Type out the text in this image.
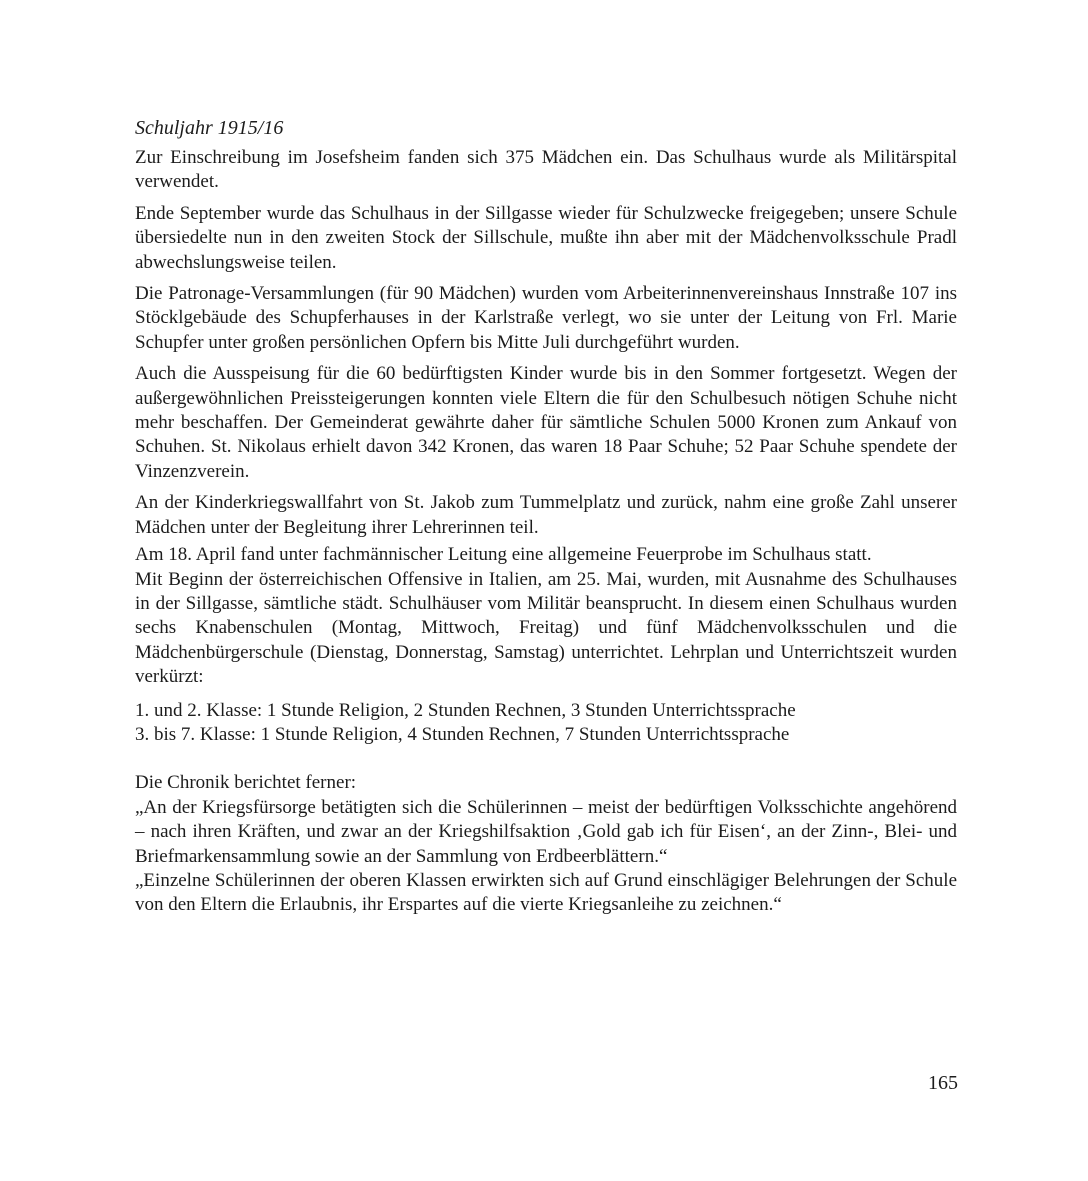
Schuljahr 1915/16

Zur Einschreibung im Josefsheim fanden sich 375 Mädchen ein. Das Schulhaus wurde als Militärspital verwendet.

Ende September wurde das Schulhaus in der Sillgasse wieder für Schulzwecke freigegeben; unsere Schule übersiedelte nun in den zweiten Stock der Sillschule, mußte ihn aber mit der Mädchenvolksschule Pradl abwechslungsweise teilen.

Die Patronage-Versammlungen (für 90 Mädchen) wurden vom Arbeiterinnenvereinshaus Innstraße 107 ins Stöcklgebäude des Schupferhauses in der Karlstraße verlegt, wo sie unter der Leitung von Frl. Marie Schupfer unter großen persönlichen Opfern bis Mitte Juli durchgeführt wurden.

Auch die Ausspeisung für die 60 bedürftigsten Kinder wurde bis in den Sommer fortgesetzt. Wegen der außergewöhnlichen Preissteigerungen konnten viele Eltern die für den Schulbesuch nötigen Schuhe nicht mehr beschaffen. Der Gemeinderat gewährte daher für sämtliche Schulen 5000 Kronen zum Ankauf von Schuhen. St. Nikolaus erhielt davon 342 Kronen, das waren 18 Paar Schuhe; 52 Paar Schuhe spendete der Vinzenzverein.

An der Kinderkriegswallfahrt von St. Jakob zum Tummelplatz und zurück, nahm eine große Zahl unserer Mädchen unter der Begleitung ihrer Lehrerinnen teil.

Am 18. April fand unter fachmännischer Leitung eine allgemeine Feuerprobe im Schulhaus statt.

Mit Beginn der österreichischen Offensive in Italien, am 25. Mai, wurden, mit Ausnahme des Schulhauses in der Sillgasse, sämtliche städt. Schulhäuser vom Militär beansprucht. In diesem einen Schulhaus wurden sechs Knabenschulen (Montag, Mittwoch, Freitag) und fünf Mädchenvolksschulen und die Mädchenbürgerschule (Dienstag, Donnerstag, Samstag) unterrichtet. Lehrplan und Unterrichtszeit wurden verkürzt:

1. und 2. Klasse: 1 Stunde Religion, 2 Stunden Rechnen, 3 Stunden Unterrichtssprache
3. bis 7. Klasse: 1 Stunde Religion, 4 Stunden Rechnen, 7 Stunden Unterrichtssprache

Die Chronik berichtet ferner:

„An der Kriegsfürsorge betätigten sich die Schülerinnen – meist der bedürftigen Volksschichte angehörend – nach ihren Kräften, und zwar an der Kriegshilfsaktion ‚Gold gab ich für Eisen‘, an der Zinn-, Blei- und Briefmarkensammlung sowie an der Sammlung von Erdbeerblättern.“

„Einzelne Schülerinnen der oberen Klassen erwirkten sich auf Grund einschlägiger Belehrungen der Schule von den Eltern die Erlaubnis, ihr Erspartes auf die vierte Kriegsanleihe zu zeichnen.“

165
